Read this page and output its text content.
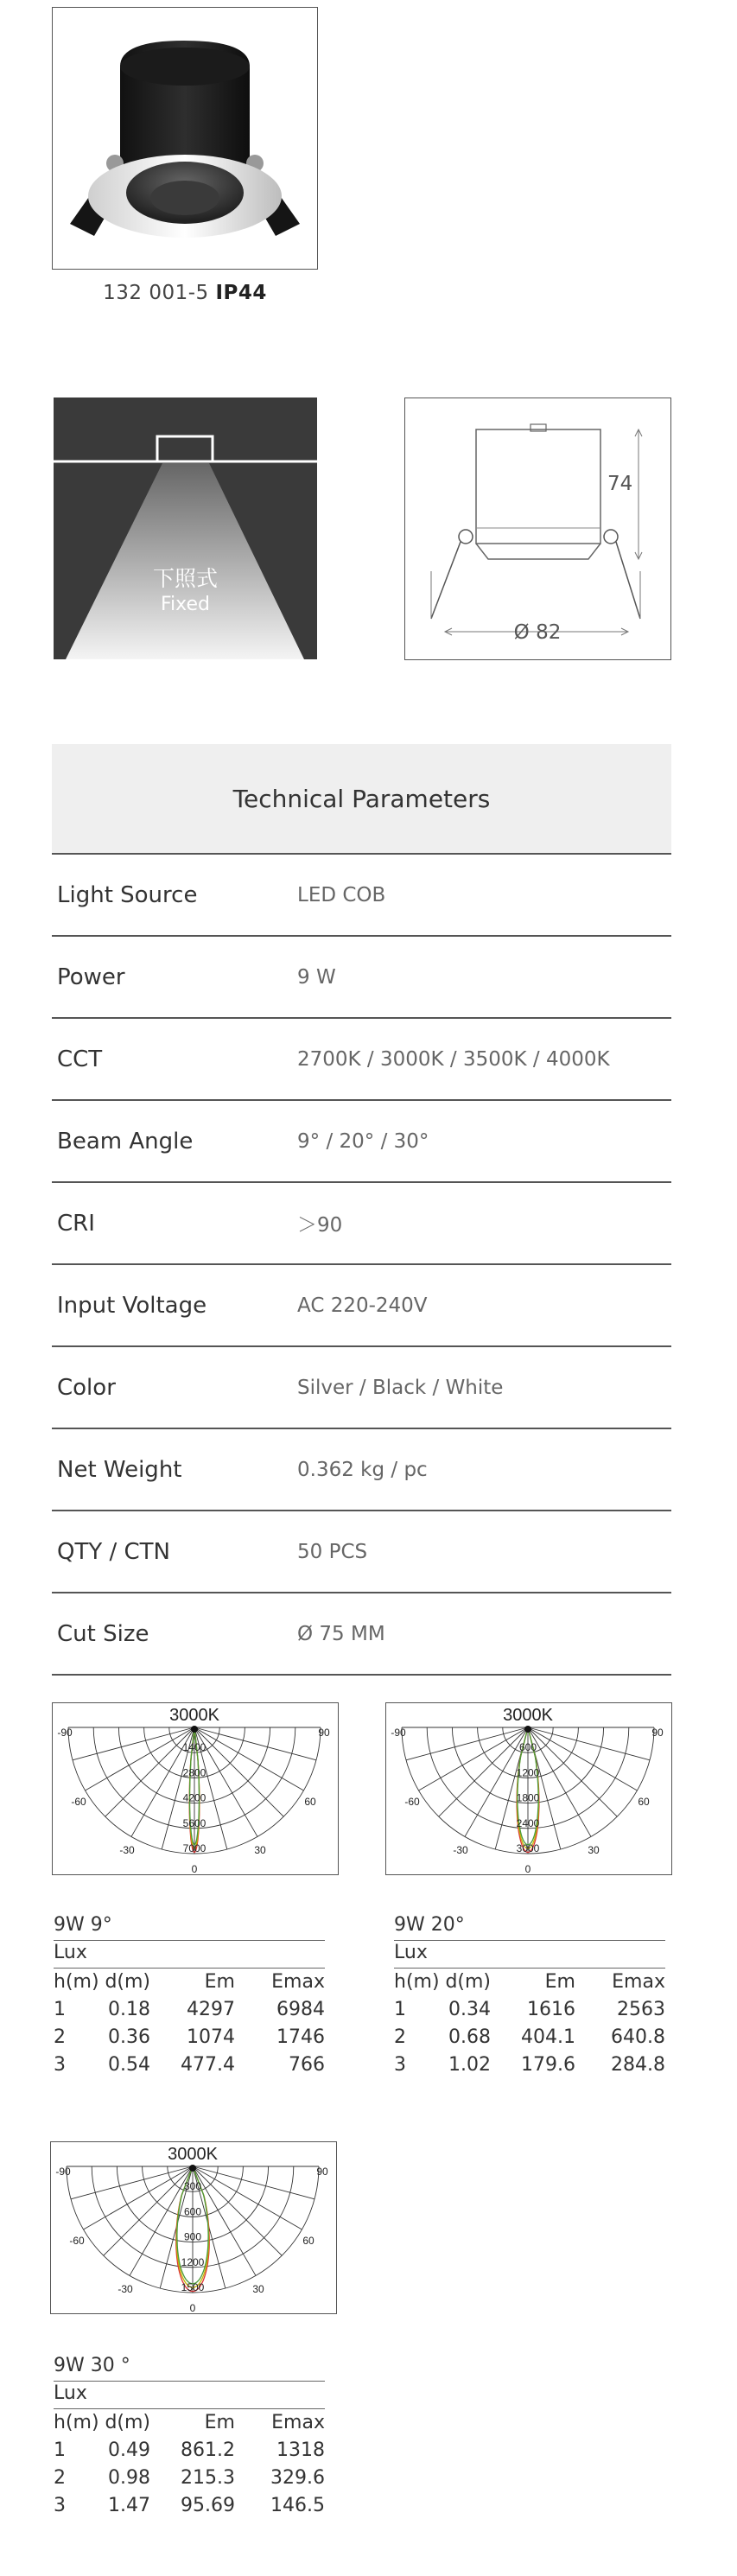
132 001-5 IP44
下照式
Fixed
74
Ø 82
Technical Parameters
Light Source	LED COB
Power	9 W
CCT	2700K / 3000K / 3500K / 4000K
Beam Angle	9° / 20° / 30°
CRI	＞90
Input Voltage	AC 220-240V
Color	Silver / Black / White
Net Weight	0.362 kg / pc
QTY / CTN	50 PCS
Cut Size	Ø 75 MM
3000K
-90	90
-60	60
-30	30
0
1400
2800
4200
5600
7000
3000K
-90	90
-60	60
-30	30
0
600
1200
1800
2400
3000
3000K
-90	90
-60	60
-30	30
0
300
600
900
1200
1500
9W 9°
Lux
h(m) d(m)	Em Emax
1 0.18 4297 6984
2 0.36 1074 1746
3 0.54 477.4	766
9W 20°
Lux
h(m) d(m)	Em Emax
1 0.34 1616 2563
2 0.68 404.1 640.8
3 1.02 179.6 284.8
9W 30 °
Lux
h(m) d(m)	Em Emax
1 0.49 861.2 1318
2 0.98 215.3 329.6
3 1.47 95.69 146.5
